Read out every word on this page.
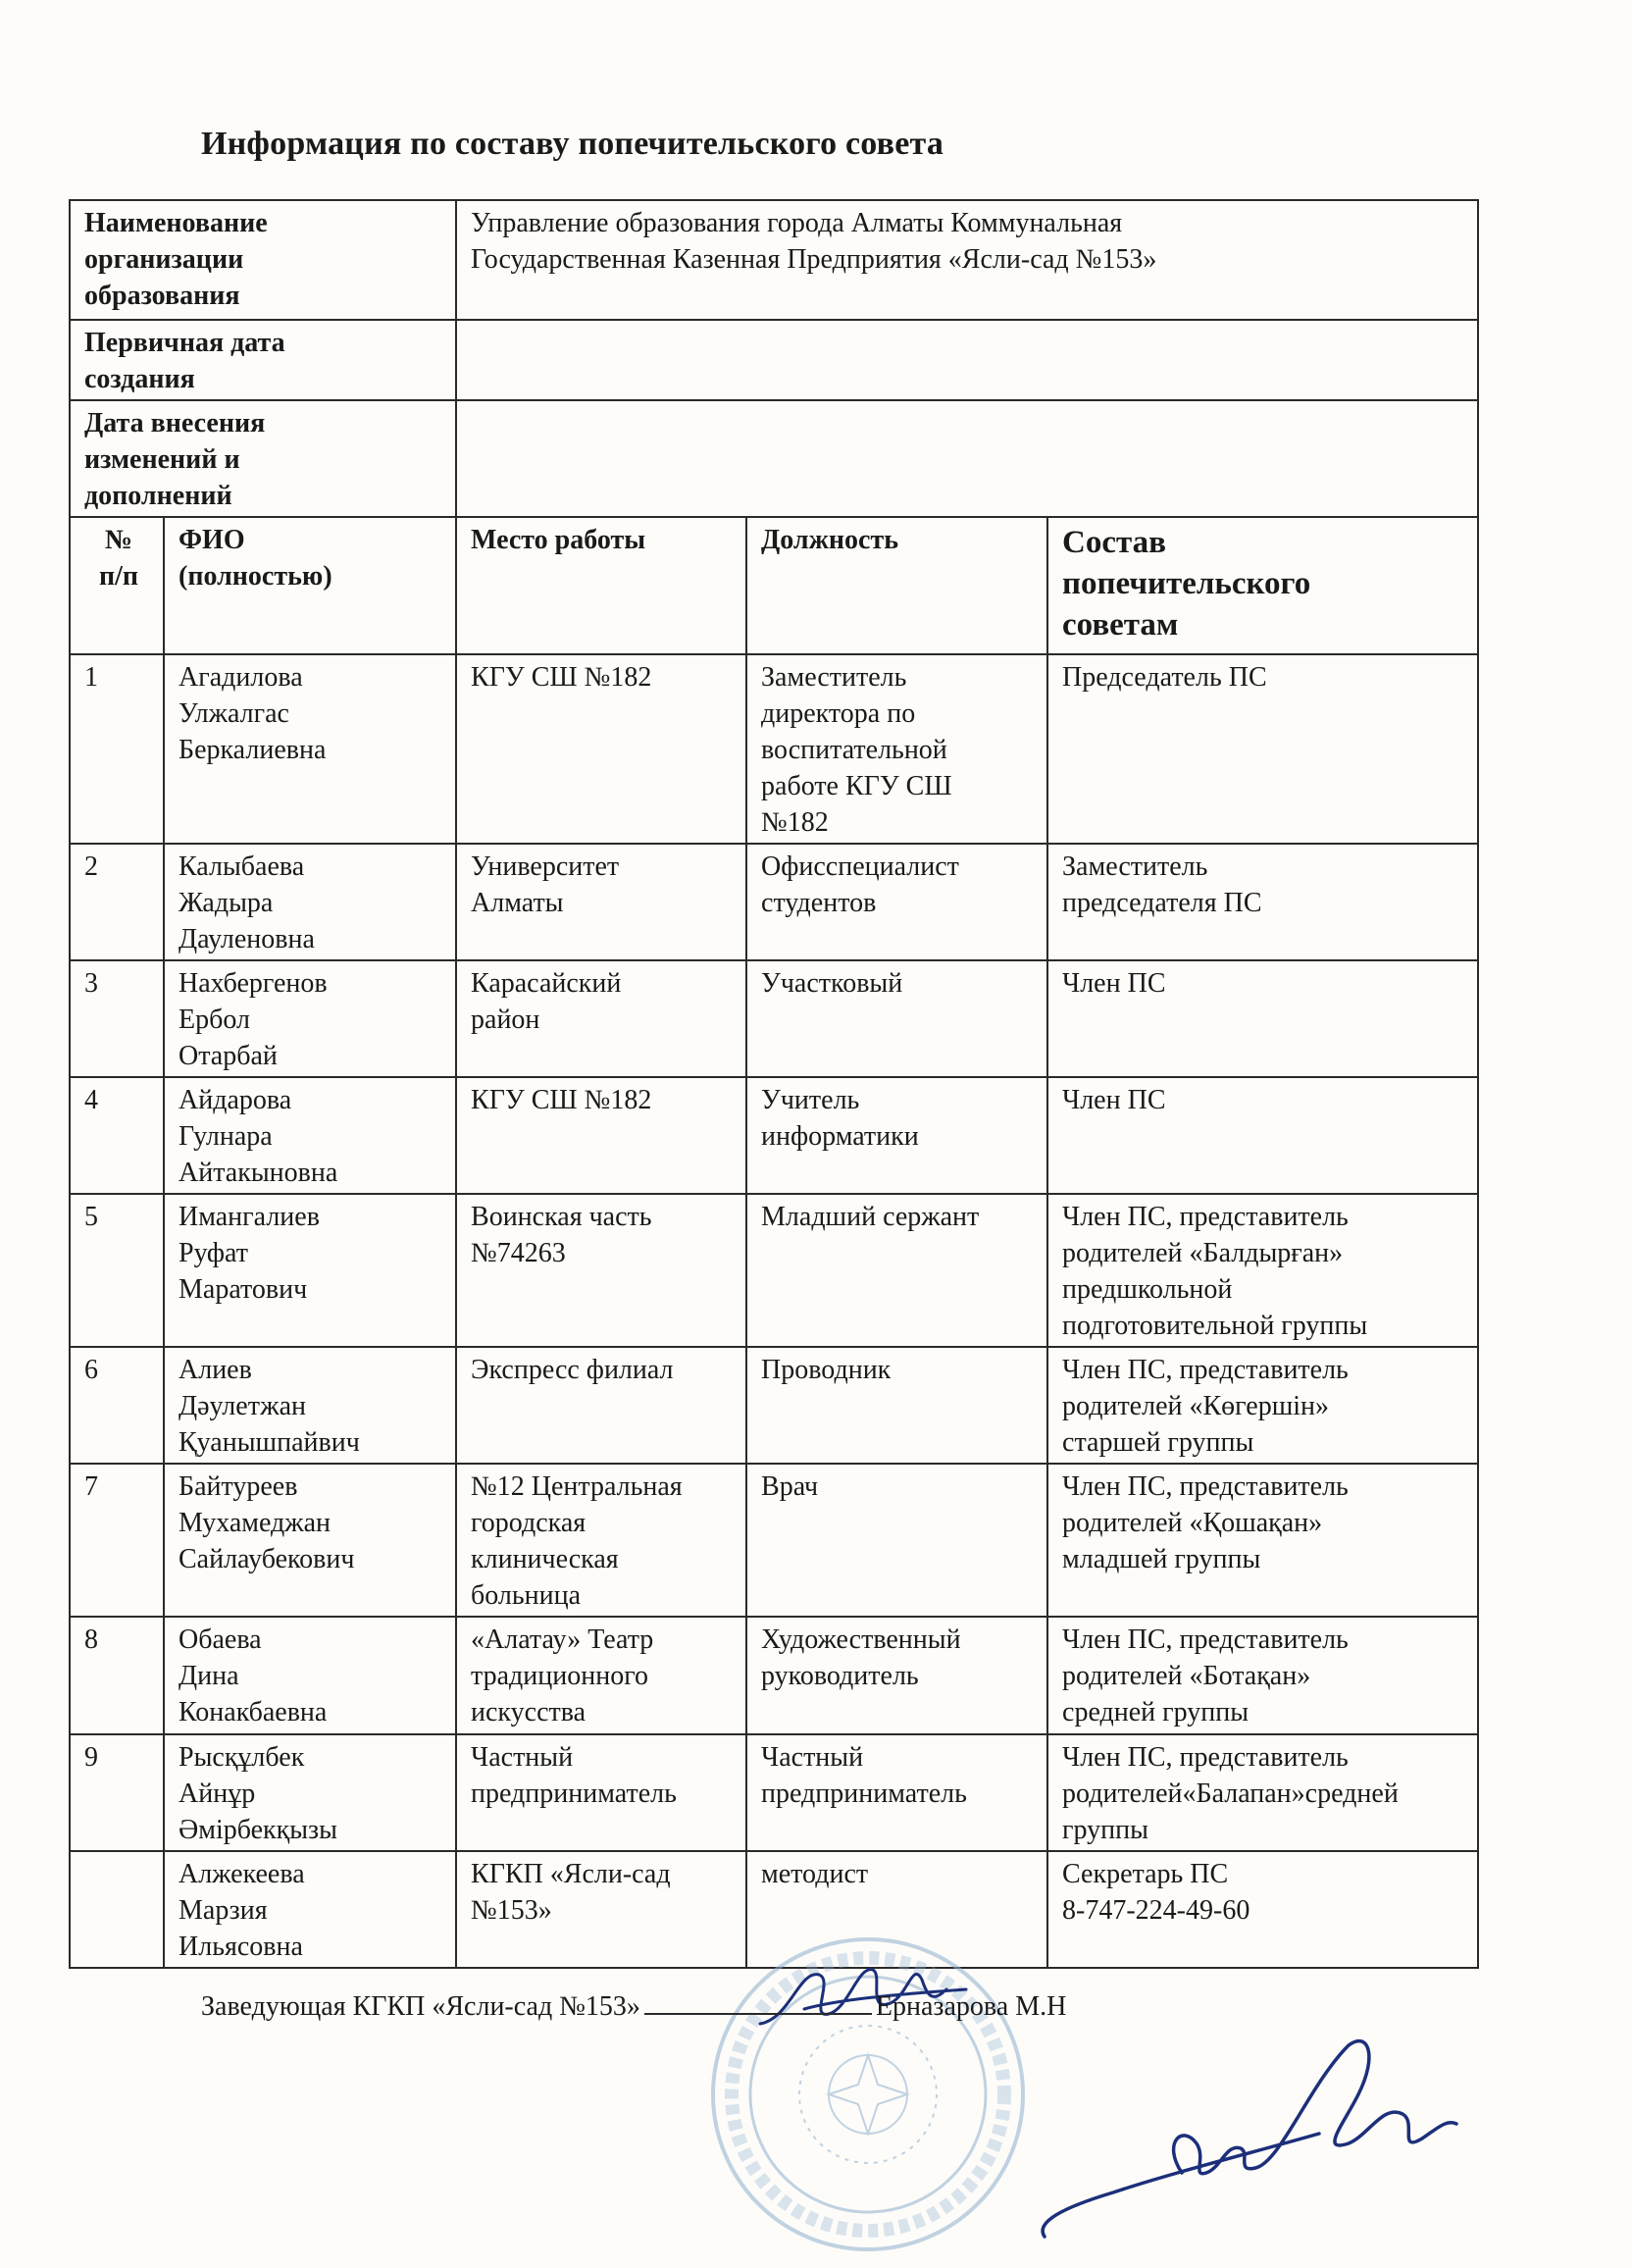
Информация по составу попечительского совета
Наименование
организации
образования		Управление образования города Алматы Коммунальная
Государственная Казенная Предприятия «Ясли-сад №153»		
Первичная дата
создания				
Дата внесения
изменений и
дополнений				
№
п/п	ФИО
(полностью)	Место работы	Должность	Состав
попечительского
советам
1	Агадилова
Улжалгас
Беркалиевна	КГУ СШ №182	Заместитель
директора по
воспитательной
работе КГУ СШ
№182	Председатель ПС
2	Калыбаева
Жадыра
Дауленовна	Университет
Алматы	Офисспециалист
студентов	Заместитель
председателя ПС
3	Нахбергенов
Ербол
Отарбай	Карасайский
район	Участковый	Член ПС
4	Айдарова
Гулнара
Айтакыновна	КГУ СШ №182	Учитель
информатики	Член ПС
5	Имангалиев
Руфат
Маратович	Воинская часть
№74263	Младший сержант	Член ПС, представитель
родителей «Балдырған»
предшкольной
подготовительной группы
6	Алиев
Дәулетжан
Қуанышпайвич	Экспресс филиал	Проводник	Член ПС, представитель
родителей «Көгершін»
старшей группы
7	Байтуреев
Мухамеджан
Сайлаубекович	№12 Центральная
городская
клиническая
больница	Врач	Член ПС, представитель
родителей «Қошақан»
младшей группы
8	Обаева
Дина
Конакбаевна	«Алатау» Театр
традиционного
искусства	Художественный
руководитель	Член ПС, представитель
родителей «Ботақан»
средней группы
9	Рысқұлбек
Айнұр
Әмірбекқызы	Частный
предприниматель	Частный
предприниматель	Член ПС, представитель
родителей«Балапан»средней
группы
	Алжекеева
Марзия
Ильясовна	КГКП «Ясли-сад
№153»	методист	Секретарь ПС
8-747-224-49-60
Заведующая КГКП «Ясли-сад №153»	Ерназарова М.Н
